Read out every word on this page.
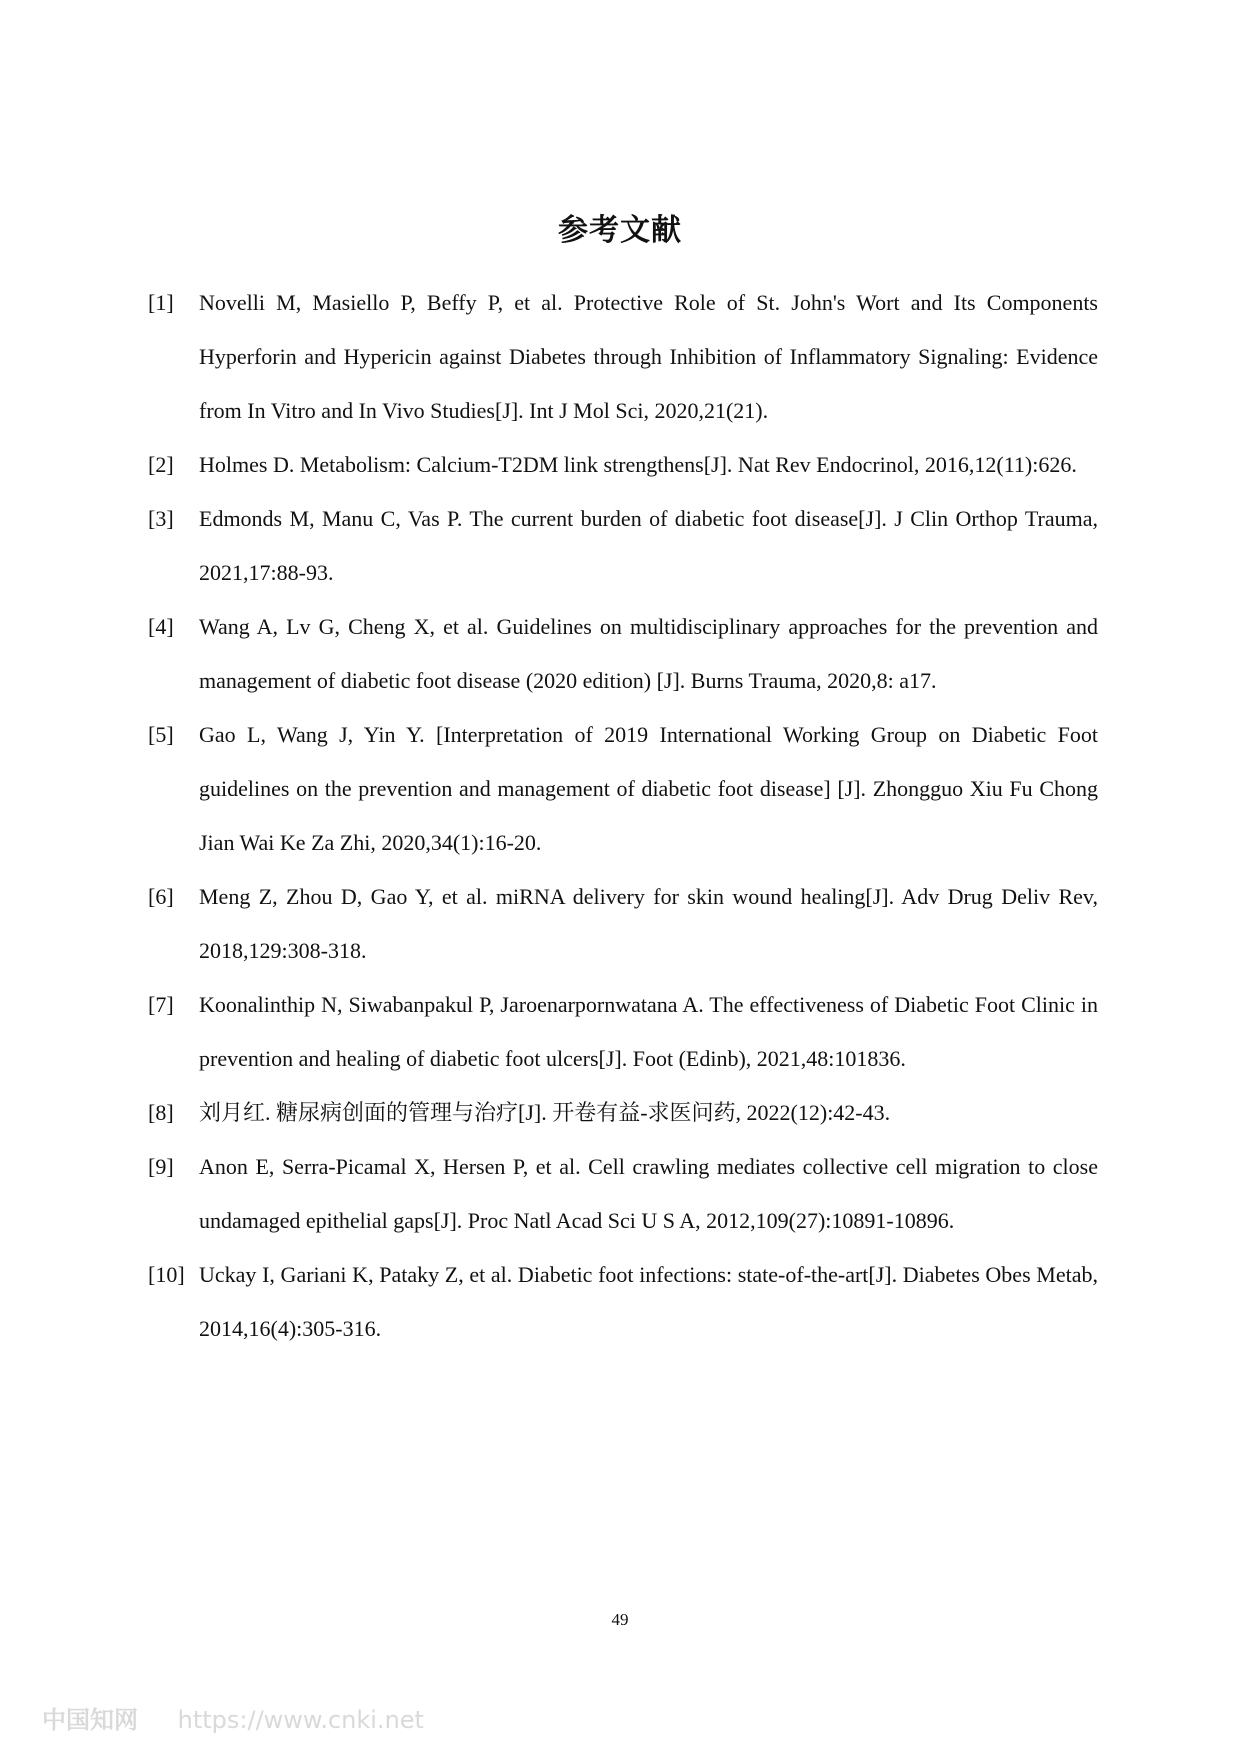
参考文献
[1]	Novelli M, Masiello P, Beffy P, et al. Protective Role of St. John's Wort and Its Components Hyperforin and Hypericin against Diabetes through Inhibition of Inflammatory Signaling: Evidence from In Vitro and In Vivo Studies[J]. Int J Mol Sci, 2020,21(21).
[2]	Holmes D. Metabolism: Calcium-T2DM link strengthens[J]. Nat Rev Endocrinol, 2016,12(11):626.
[3]	Edmonds M, Manu C, Vas P. The current burden of diabetic foot disease[J]. J Clin Orthop Trauma, 2021,17:88-93.
[4]	Wang A, Lv G, Cheng X, et al. Guidelines on multidisciplinary approaches for the prevention and management of diabetic foot disease (2020 edition) [J]. Burns Trauma, 2020,8: a17.
[5]	Gao L, Wang J, Yin Y. [Interpretation of 2019 International Working Group on Diabetic Foot guidelines on the prevention and management of diabetic foot disease] [J]. Zhongguo Xiu Fu Chong Jian Wai Ke Za Zhi, 2020,34(1):16-20.
[6]	Meng Z, Zhou D, Gao Y, et al. miRNA delivery for skin wound healing[J]. Adv Drug Deliv Rev, 2018,129:308-318.
[7]	Koonalinthip N, Siwabanpakul P, Jaroenarpornwatana A. The effectiveness of Diabetic Foot Clinic in prevention and healing of diabetic foot ulcers[J]. Foot (Edinb), 2021,48:101836.
[8]	刘月红. 糖尿病创面的管理与治疗[J]. 开卷有益-求医问药, 2022(12):42-43.
[9]	Anon E, Serra-Picamal X, Hersen P, et al. Cell crawling mediates collective cell migration to close undamaged epithelial gaps[J]. Proc Natl Acad Sci U S A, 2012,109(27):10891-10896.
[10] Uckay I, Gariani K, Pataky Z, et al. Diabetic foot infections: state-of-the-art[J]. Diabetes Obes Metab, 2014,16(4):305-316.
49
中国知网 https://www.cnki.net
